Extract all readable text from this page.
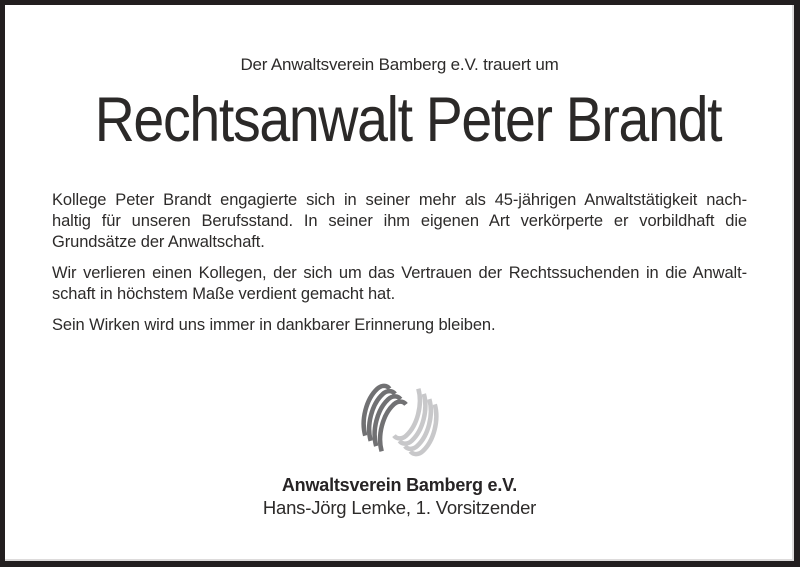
Der Anwaltsverein Bamberg e.V. trauert um
Rechtsanwalt Peter Brandt
Kollege Peter Brandt engagierte sich in seiner mehr als 45-jährigen Anwaltstätigkeit nach-
haltig für unseren Berufsstand. In seiner ihm eigenen Art verkörperte er vorbildhaft die
Grundsätze der Anwaltschaft.
Wir verlieren einen Kollegen, der sich um das Vertrauen der Rechtssuchenden in die Anwalt-
schaft in höchstem Maße verdient gemacht hat.
Sein Wirken wird uns immer in dankbarer Erinnerung bleiben.
Anwaltsverein Bamberg e.V.
Hans-Jörg Lemke, 1. Vorsitzender
